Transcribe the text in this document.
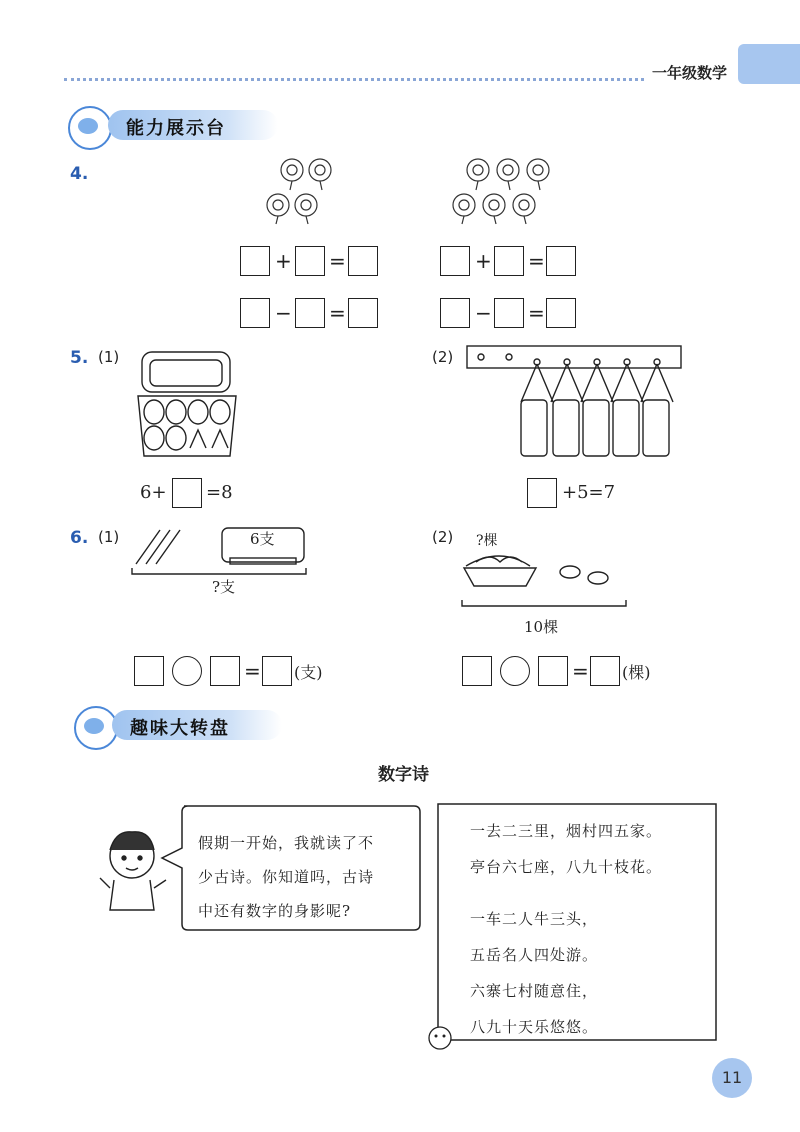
一年级数学
能力展示台
4.
+ =
− =
+ =
− =
5. (1)
6+ =8
(2)
+5=7
6. (1)	6支
?支
(2) ?棵
10棵
= (支)	= (棵)
趣味大转盘
数字诗
假期一开始，我就读了不
少古诗。你知道吗，古诗
中还有数字的身影呢?
一去二三里，烟村四五家。
亭台六七座，八九十枝花。
一车二人牛三头，
五岳名人四处游。
六寨七村随意住，
八九十天乐悠悠。
11
